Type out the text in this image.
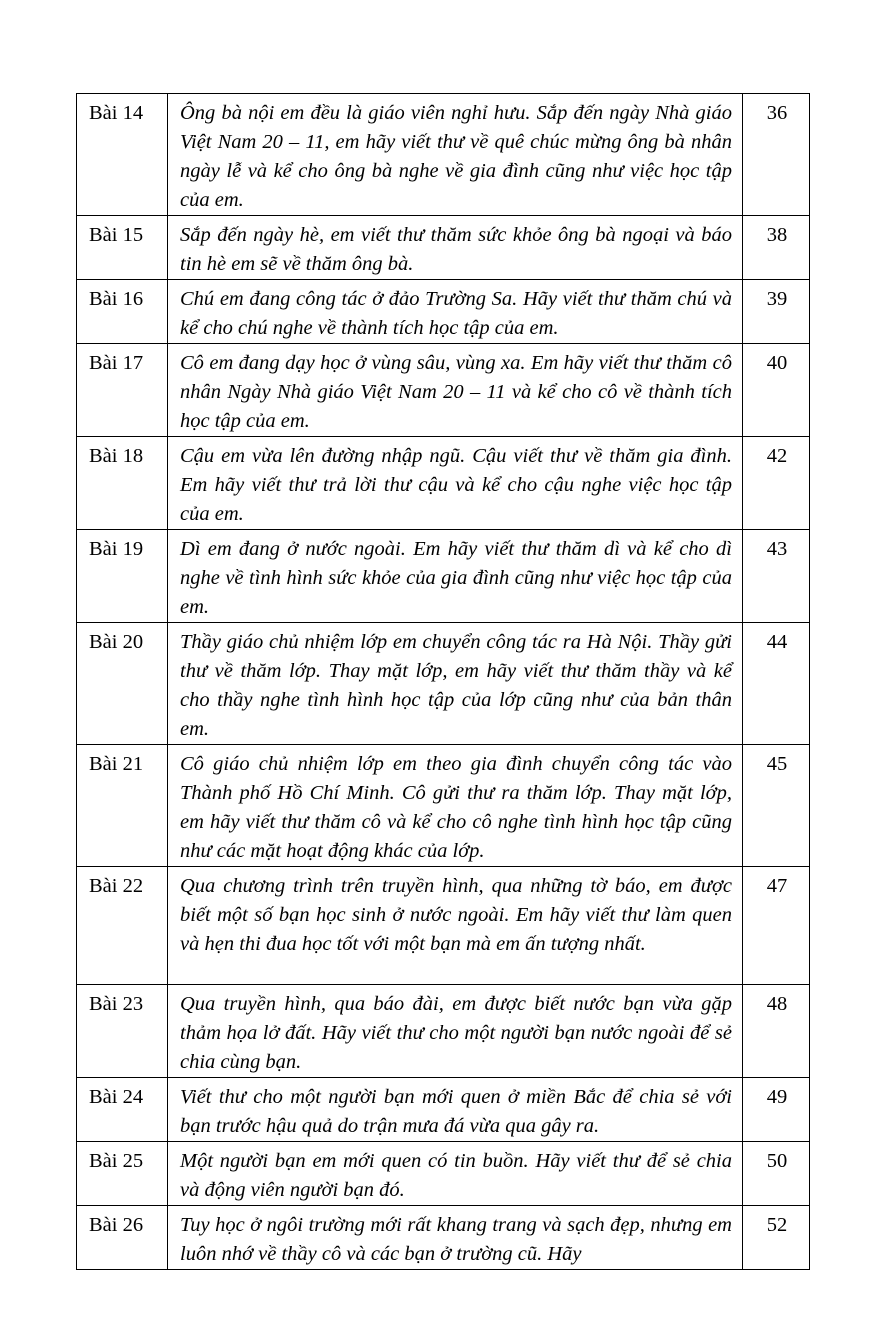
Bài 14	Ông bà nội em đều là giáo viên nghỉ hưu. Sắp đến ngày Nhà giáo Việt Nam 20 – 11, em hãy viết thư về quê chúc mừng ông bà nhân ngày lễ và kể cho ông bà nghe về gia đình cũng như việc học tập của em.	36
Bài 15	Sắp đến ngày hè, em viết thư thăm sức khỏe ông bà ngoại và báo tin hè em sẽ về thăm ông bà.	38
Bài 16	Chú em đang công tác ở đảo Trường Sa. Hãy viết thư thăm chú và kể cho chú nghe về thành tích học tập của em.	39
Bài 17	Cô em đang dạy học ở vùng sâu, vùng xa. Em hãy viết thư thăm cô nhân Ngày Nhà giáo Việt Nam 20 – 11 và kể cho cô về thành tích học tập của em.	40
Bài 18	Cậu em vừa lên đường nhập ngũ. Cậu viết thư về thăm gia đình. Em hãy viết thư trả lời thư cậu và kể cho cậu nghe việc học tập của em.	42
Bài 19	Dì em đang ở nước ngoài. Em hãy viết thư thăm dì và kể cho dì nghe về tình hình sức khỏe của gia đình cũng như việc học tập của em.	43
Bài 20	Thầy giáo chủ nhiệm lớp em chuyển công tác ra Hà Nội. Thầy gửi thư về thăm lớp. Thay mặt lớp, em hãy viết thư thăm thầy và kể cho thầy nghe tình hình học tập của lớp cũng như của bản thân em.	44
Bài 21	Cô giáo chủ nhiệm lớp em theo gia đình chuyển công tác vào Thành phố Hồ Chí Minh. Cô gửi thư ra thăm lớp. Thay mặt lớp, em hãy viết thư thăm cô và kể cho cô nghe tình hình học tập cũng như các mặt hoạt động khác của lớp.	45
Bài 22	Qua chương trình trên truyền hình, qua những tờ báo, em được biết một số bạn học sinh ở nước ngoài. Em hãy viết thư làm quen và hẹn thi đua học tốt với một bạn mà em ấn tượng nhất.	47
Bài 23	Qua truyền hình, qua báo đài, em được biết nước bạn vừa gặp thảm họa lở đất. Hãy viết thư cho một người bạn nước ngoài để sẻ chia cùng bạn.	48
Bài 24	Viết thư cho một người bạn mới quen ở miền Bắc để chia sẻ với bạn trước hậu quả do trận mưa đá vừa qua gây ra.	49
Bài 25	Một người bạn em mới quen có tin buồn. Hãy viết thư để sẻ chia và động viên người bạn đó.	50
Bài 26	Tuy học ở ngôi trường mới rất khang trang và sạch đẹp, nhưng em luôn nhớ về thầy cô và các bạn ở trường cũ. Hãy	52
